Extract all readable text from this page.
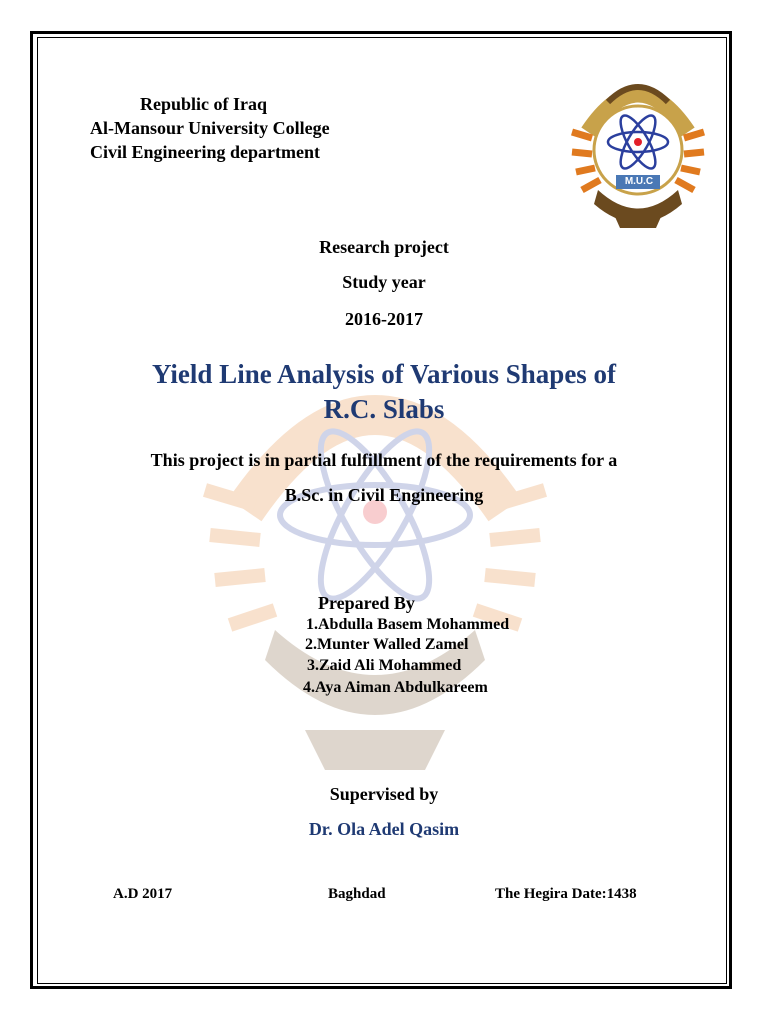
M.U.C
Republic of Iraq
Al-Mansour University College
Civil Engineering department
Research project
Study year
2016-2017
Yield Line Analysis of Various Shapes of
R.C. Slabs
This project is in partial fulfillment of the requirements for a
B.Sc. in Civil Engineering
Prepared By
1.Abdulla Basem Mohammed
2.Munter Walled Zamel
3.Zaid Ali Mohammed
4.Aya Aiman Abdulkareem
Supervised by
Dr. Ola Adel Qasim
A.D 2017	Baghdad	The Hegira Date:1438
